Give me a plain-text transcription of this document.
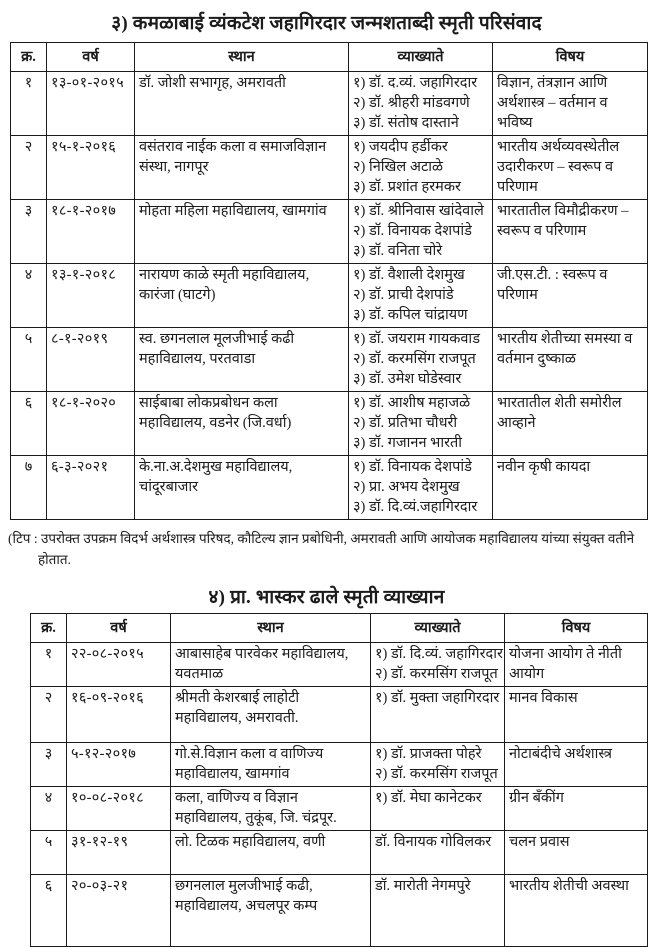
३) कमळाबाई व्यंकटेश जहागिरदार जन्मशताब्दी स्मृती परिसंवाद
क्र.	वर्ष	स्थान	व्याख्याते	विषय
१	१३-०१-२०१५	डॉ. जोशी सभागृह, अमरावती	१) डॉ. द.व्यं. जहागिरदार
२) डॉ. श्रीहरी मांडवगणे
३) डॉ. संतोष दास्ताने	विज्ञान, तंत्रज्ञान आणि अर्थशास्त्र – वर्तमान व भविष्य
२	१५-१-२०१६	वसंतराव नाईक कला व समाजविज्ञान संस्था, नागपूर	१) जयदीप हर्डीकर
२) निखिल अटाळे
३) डॉ. प्रशांत हरमकर	भारतीय अर्थव्यवस्थेतील उदारीकरण – स्वरूप व परिणाम
३	१८-१-२०१७	मोहता महिला महाविद्यालय, खामगांव	१) डॉ. श्रीनिवास खांदेवाले
२) डॉ. विनायक देशपांडे
३) डॉ. वनिता चोरे	भारतातील विमौद्रीकरण – स्वरूप व परिणाम
४	१३-१-२०१८	नारायण काळे स्मृती महाविद्यालय, कारंजा (घाटगे)	१) डॉ. वैशाली देशमुख
२) डॉ. प्राची देशपांडे
३) डॉ. कपिल चांद्रायण	जी.एस.टी. : स्वरूप व परिणाम
५	८-१-२०१९	स्व. छगनलाल मूलजीभाई कढी महाविद्यालय, परतवाडा	१) डॉ. जयराम गायकवाड
२) डॉ. करमसिंग राजपूत
३) डॉ. उमेश घोडेस्वार	भारतीय शेतीच्या समस्या व वर्तमान दुष्काळ
६	१८-१-२०२०	साईबाबा लोकप्रबोधन कला महाविद्यालय, वडनेर (जि.वर्धा)	१) डॉ. आशीष महाजळे
२) डॉ. प्रतिभा चौधरी
३) डॉ. गजानन भारती	भारतातील शेती समोरील आव्हाने
७	६-३-२०२१	के.ना.अ.देशमुख महाविद्यालय, चांदूरबाजार	१) डॉ. विनायक देशपांडे
२) प्रा. अभय देशमुख
३) डॉ. दि.व्यं.जहागिरदार	नवीन कृषी कायदा
(टिप : उपरोक्त उपक्रम विदर्भ अर्थशास्त्र परिषद, कौटिल्य ज्ञान प्रबोधिनी, अमरावती आणि आयोजक महाविद्यालय यांच्या संयुक्त वतीने होतात.
४) प्रा. भास्कर ढाले स्मृती व्याख्यान
क्र.	वर्ष	स्थान	व्याख्याते	विषय
१	२२-०८-२०१५	आबासाहेब पारवेकर महाविद्यालय, यवतमाळ	१) डॉ. दि.व्यं. जहागिरदार
२) डॉ. करमसिंग राजपूत	योजना आयोग ते नीती आयोग
२	१६-०९-२०१६	श्रीमती केशरबाई लाहोटी महाविद्यालय, अमरावती.	१) डॉ. मुक्ता जहागिरदार	मानव विकास
३	५-१२-२०१७	गो.से.विज्ञान कला व वाणिज्य महाविद्यालय, खामगांव	१) डॉ. प्राजक्ता पोहरे
२) डॉ. करमसिंग राजपूत	नोटाबंदीचे अर्थशास्त्र
४	१०-०८-२०१८	कला, वाणिज्य व विज्ञान महाविद्यालय, तुकूंब, जि. चंद्रपूर.	१) डॉ. मेघा कानेटकर	ग्रीन बँकींग
५	३१-१२-१९	लो. टिळक महाविद्यालय, वणी	डॉ. विनायक गोविलकर	चलन प्रवास
६	२०-०३-२१	छगनलाल मुलजीभाई कढी, महाविद्यालय, अचलपूर कम्प	डॉ. मारोती नेगमपुरे	भारतीय शेतीची अवस्था
